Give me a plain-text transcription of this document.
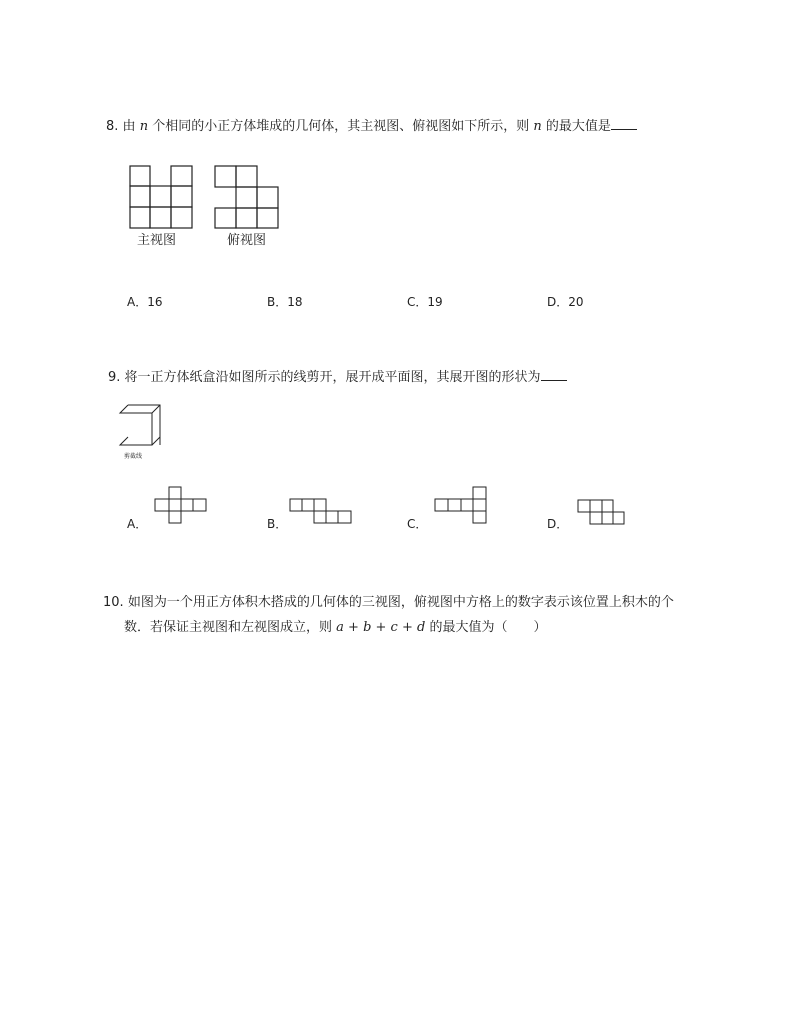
8. 由 n 个相同的小正方体堆成的几何体，其主视图、俯视图如下所示，则 n 的最大值是
主视图	俯视图
A．16	B．18	C．19	D．20
9. 将一正方体纸盒沿如图所示的线剪开，展开成平面图，其展开图的形状为
剪截线
A．	B．	C．	D．
10. 如图为一个用正方体积木搭成的几何体的三视图，俯视图中方格上的数字表示该位置上积木的个
数．若保证主视图和左视图成立，则 a + b + c + d 的最大值为（　　）
